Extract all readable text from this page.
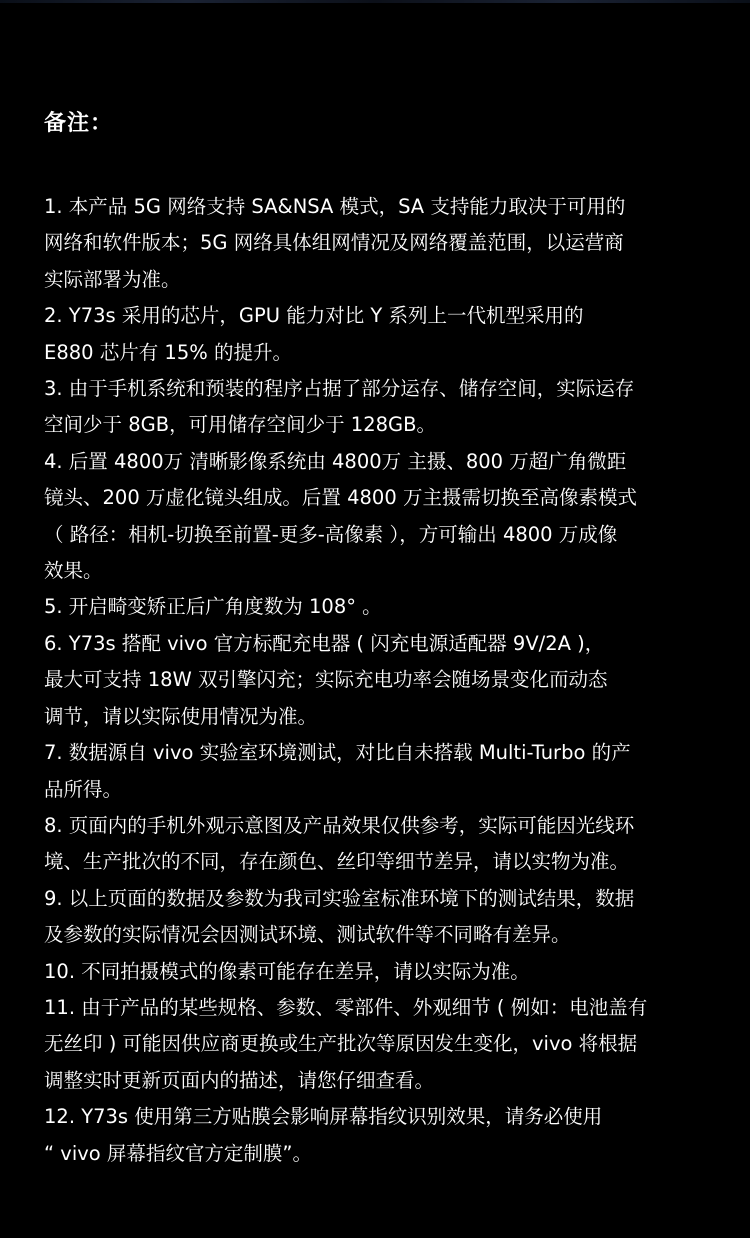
备注：
1. 本产品 5G 网络支持 SA&NSA 模式，SA 支持能力取决于可用的
网络和软件版本；5G 网络具体组网情况及网络覆盖范围，以运营商
实际部署为准。
2. Y73s 采用的芯片，GPU 能力对比 Y 系列上一代机型采用的
E880 芯片有 15% 的提升。
3. 由于手机系统和预装的程序占据了部分运存、储存空间，实际运存
空间少于 8GB，可用储存空间少于 128GB。
4. 后置 4800万 清晰影像系统由 4800万 主摄、800 万超广角微距
镜头、200 万虚化镜头组成。后置 4800 万主摄需切换至高像素模式
（ 路径：相机-切换至前置-更多-高像素 ），方可输出 4800 万成像
效果。
5. 开启畸变矫正后广角度数为 108° 。
6. Y73s 搭配 vivo 官方标配充电器 ( 闪充电源适配器 9V/2A )，
最大可支持 18W 双引擎闪充；实际充电功率会随场景变化而动态
调节，请以实际使用情况为准。
7. 数据源自 vivo 实验室环境测试，对比自未搭载 Multi-Turbo 的产
品所得。
8. 页面内的手机外观示意图及产品效果仅供参考，实际可能因光线环
境、生产批次的不同，存在颜色、丝印等细节差异，请以实物为准。
9. 以上页面的数据及参数为我司实验室标准环境下的测试结果，数据
及参数的实际情况会因测试环境、测试软件等不同略有差异。
10. 不同拍摄模式的像素可能存在差异，请以实际为准。
11. 由于产品的某些规格、参数、零部件、外观细节 ( 例如：电池盖有
无丝印 ) 可能因供应商更换或生产批次等原因发生变化，vivo 将根据
调整实时更新页面内的描述，请您仔细查看。
12. Y73s 使用第三方贴膜会影响屏幕指纹识别效果，请务必使用
“ vivo 屏幕指纹官方定制膜”。
